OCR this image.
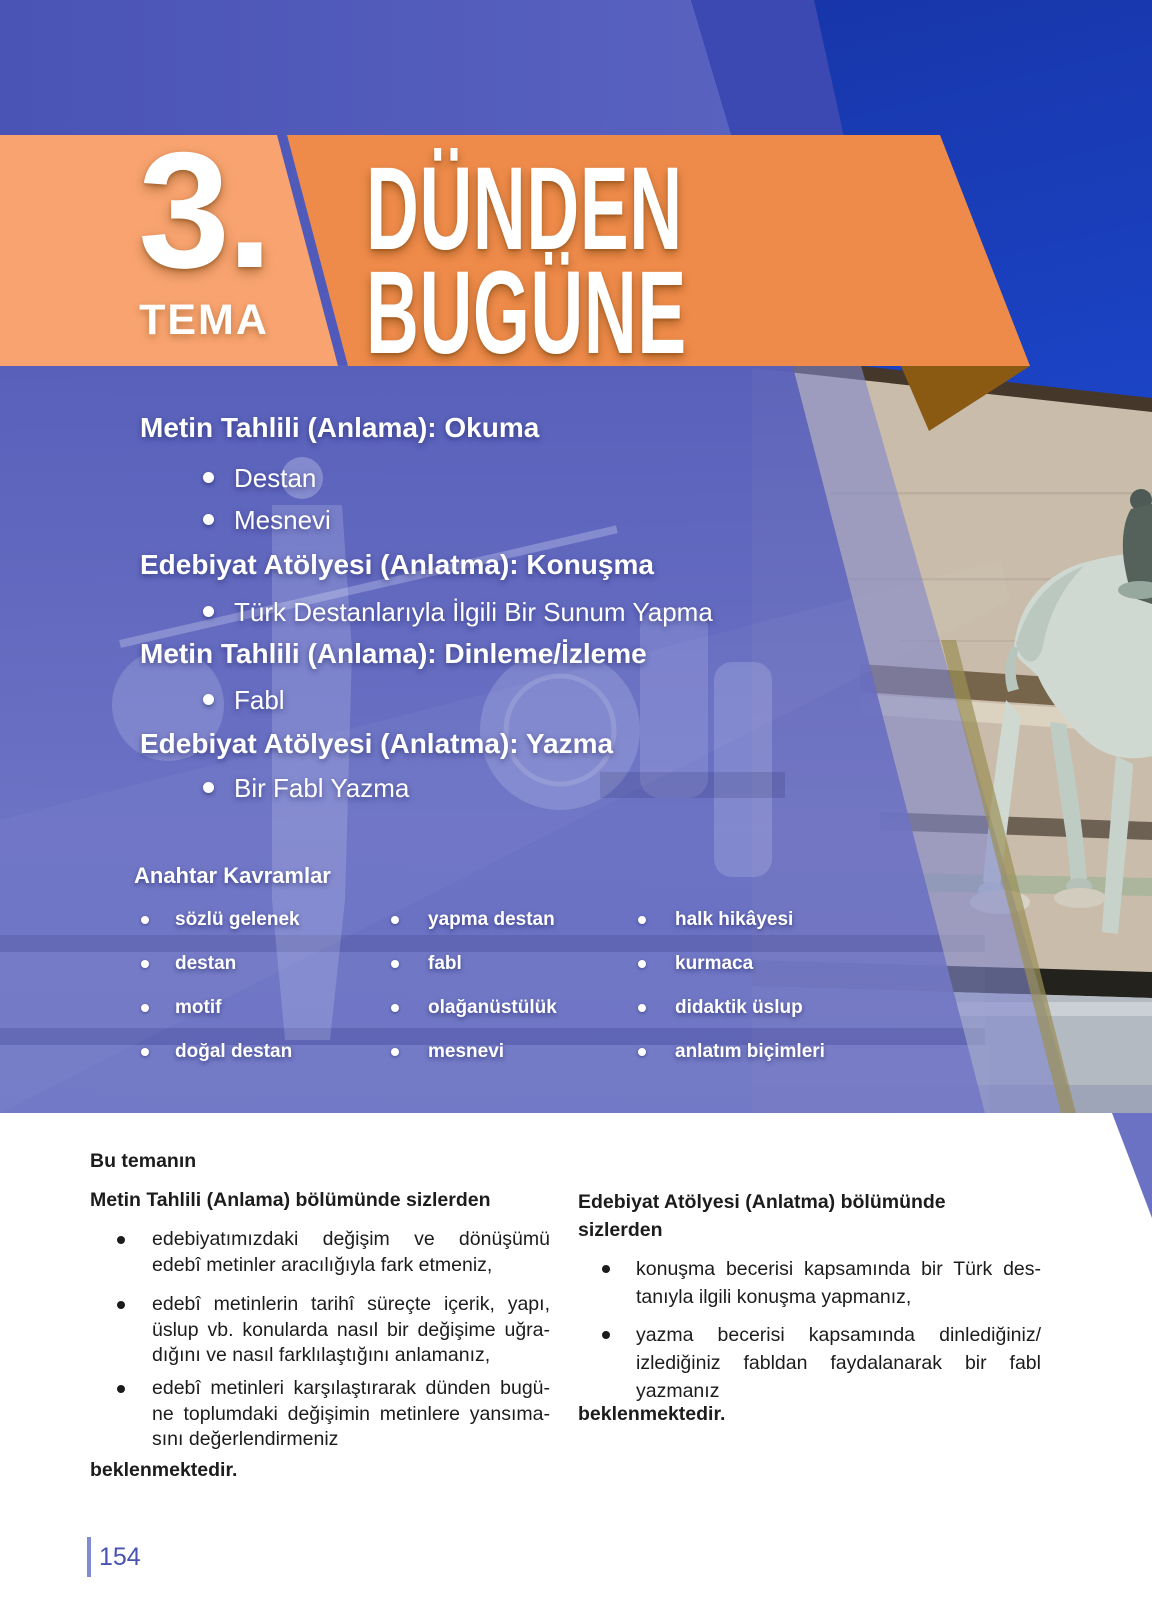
3.
TEMA
DÜNDEN
BUGÜNE
Metin Tahlili (Anlama): Okuma
Destan
Mesnevi
Edebiyat Atölyesi (Anlatma): Konuşma
Türk Destanlarıyla İlgili Bir Sunum Yapma
Metin Tahlili (Anlama): Dinleme/İzleme
Fabl
Edebiyat Atölyesi (Anlatma): Yazma
Bir Fabl Yazma
Anahtar Kavramlar
sözlü gelenek
destan
motif
doğal destan
yapma destan
fabl
olağanüstülük
mesnevi
halk hikâyesi
kurmaca
didaktik üslup
anlatım biçimleri
Bu temanın
Metin Tahlili (Anlama) bölümünde sizlerden
edebiyatımızdaki değişim ve dönüşümü
edebî metinler aracılığıyla fark etmeniz,
edebî metinlerin tarihî süreçte içerik, yapı,
üslup vb. konularda nasıl bir değişime uğra-
dığını ve nasıl farklılaştığını anlamanız,
edebî metinleri karşılaştırarak dünden bugü-
ne toplumdaki değişimin metinlere yansıma-
sını değerlendirmeniz
beklenmektedir.
Edebiyat Atölyesi (Anlatma) bölümünde
sizlerden
konuşma becerisi kapsamında bir Türk des-
tanıyla ilgili konuşma yapmanız,
yazma becerisi kapsamında dinlediğiniz/
izlediğiniz fabldan faydalanarak bir fabl
yazmanız
beklenmektedir.
154
